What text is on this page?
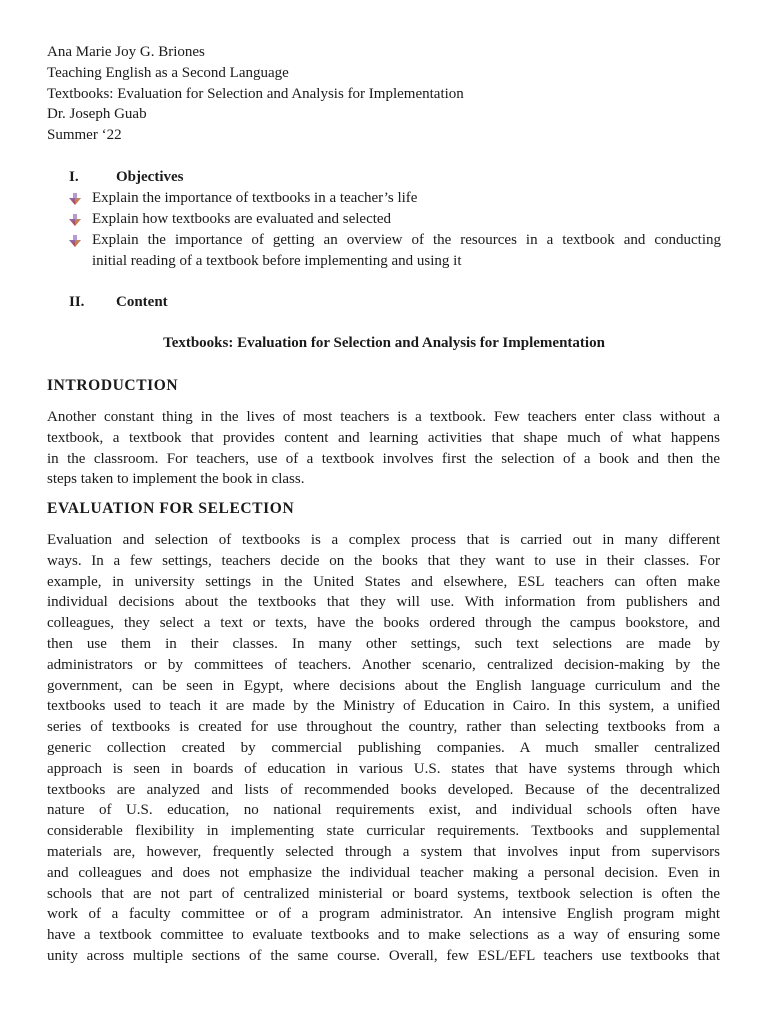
Ana Marie Joy G. Briones
Teaching English as a Second Language
Textbooks: Evaluation for Selection and Analysis for Implementation
Dr. Joseph Guab
Summer ‘22
I. Objectives
Explain the importance of textbooks in a teacher’s life
Explain how textbooks are evaluated and selected
Explain the importance of getting an overview of the resources in a textbook and conducting
initial reading of a textbook before implementing and using it
II. Content
Textbooks: Evaluation for Selection and Analysis for Implementation
INTRODUCTION
Another constant thing in the lives of most teachers is a textbook. Few teachers enter class without a
textbook, a textbook that provides content and learning activities that shape much of what happens
in the classroom. For teachers, use of a textbook involves first the selection of a book and then the
steps taken to implement the book in class.
EVALUATION FOR SELECTION
Evaluation and selection of textbooks is a complex process that is carried out in many different
ways. In a few settings, teachers decide on the books that they want to use in their classes. For
example, in university settings in the United States and elsewhere, ESL teachers can often make
individual decisions about the textbooks that they will use. With information from publishers and
colleagues, they select a text or texts, have the books ordered through the campus bookstore, and
then use them in their classes. In many other settings, such text selections are made by
administrators or by committees of teachers. Another scenario, centralized decision-making by the
government, can be seen in Egypt, where decisions about the English language curriculum and the
textbooks used to teach it are made by the Ministry of Education in Cairo. In this system, a unified
series of textbooks is created for use throughout the country, rather than selecting textbooks from a
generic collection created by commercial publishing companies. A much smaller centralized
approach is seen in boards of education in various U.S. states that have systems through which
textbooks are analyzed and lists of recommended books developed. Because of the decentralized
nature of U.S. education, no national requirements exist, and individual schools often have
considerable flexibility in implementing state curricular requirements. Textbooks and supplemental
materials are, however, frequently selected through a system that involves input from supervisors
and colleagues and does not emphasize the individual teacher making a personal decision. Even in
schools that are not part of centralized ministerial or board systems, textbook selection is often the
work of a faculty committee or of a program administrator. An intensive English program might
have a textbook committee to evaluate textbooks and to make selections as a way of ensuring some
unity across multiple sections of the same course. Overall, few ESL/EFL teachers use textbooks that
